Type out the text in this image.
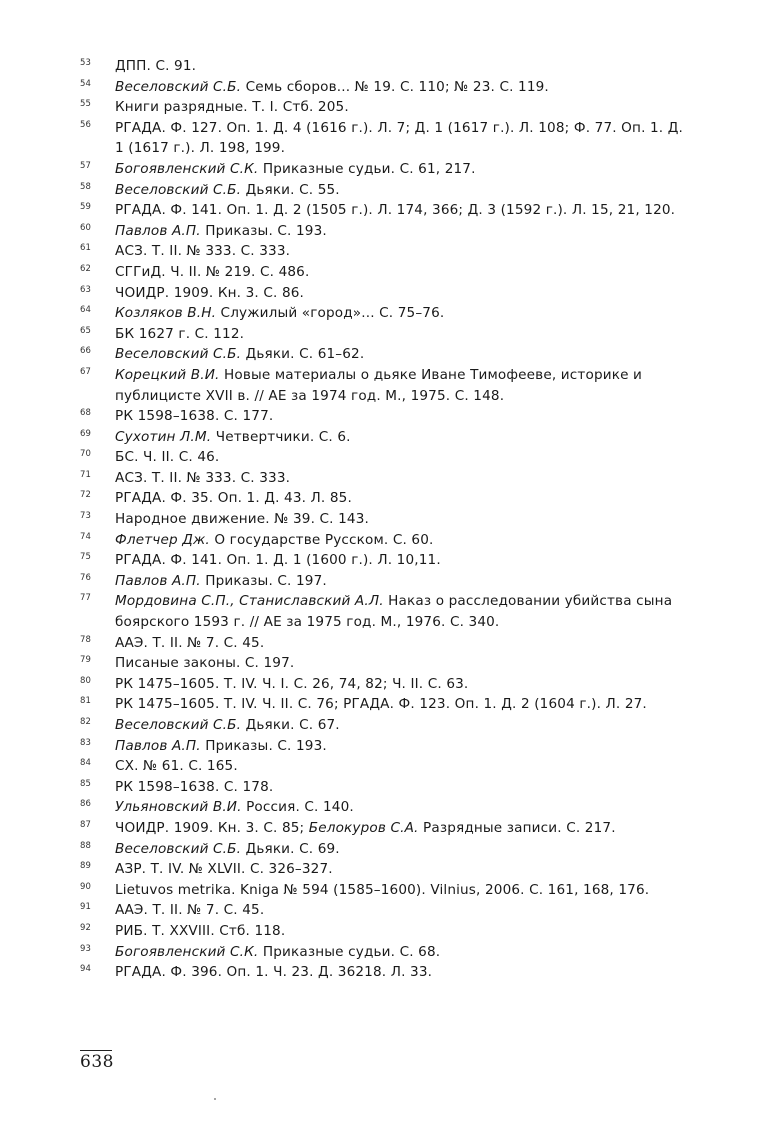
53 ДПП. С. 91.
54 Веселовский С.Б. Семь сборов... № 19. С. 110; № 23. С. 119.
55 Книги разрядные. Т. I. Стб. 205.
56 РГАДА. Ф. 127. Оп. 1. Д. 4 (1616 г.). Л. 7; Д. 1 (1617 г.). Л. 108; Ф. 77. Оп. 1. Д. 1 (1617 г.). Л. 198, 199.
57 Богоявленский С.К. Приказные судьи. С. 61, 217.
58 Веселовский С.Б. Дьяки. С. 55.
59 РГАДА. Ф. 141. Оп. 1. Д. 2 (1505 г.). Л. 174, 366; Д. 3 (1592 г.). Л. 15, 21, 120.
60 Павлов А.П. Приказы. С. 193.
61 АСЗ. Т. II. № 333. С. 333.
62 СГГиД. Ч. II. № 219. С. 486.
63 ЧОИДР. 1909. Кн. 3. С. 86.
64 Козляков В.Н. Служилый «город»... С. 75–76.
65 БК 1627 г. С. 112.
66 Веселовский С.Б. Дьяки. С. 61–62.
67 Корецкий В.И. Новые материалы о дьяке Иване Тимофееве, историке и публицисте XVII в. // АЕ за 1974 год. М., 1975. С. 148.
68 РК 1598–1638. С. 177.
69 Сухотин Л.М. Четвертчики. С. 6.
70 БС. Ч. II. С. 46.
71 АСЗ. Т. II. № 333. С. 333.
72 РГАДА. Ф. 35. Оп. 1. Д. 43. Л. 85.
73 Народное движение. № 39. С. 143.
74 Флетчер Дж. О государстве Русском. С. 60.
75 РГАДА. Ф. 141. Оп. 1. Д. 1 (1600 г.). Л. 10,11.
76 Павлов А.П. Приказы. С. 197.
77 Мордовина С.П., Станиславский А.Л. Наказ о расследовании убийства сына боярского 1593 г. // АЕ за 1975 год. М., 1976. С. 340.
78 ААЭ. Т. II. № 7. С. 45.
79 Писаные законы. С. 197.
80 РК 1475–1605. Т. IV. Ч. I. С. 26, 74, 82; Ч. II. С. 63.
81 РК 1475–1605. Т. IV. Ч. II. С. 76; РГАДА. Ф. 123. Оп. 1. Д. 2 (1604 г.). Л. 27.
82 Веселовский С.Б. Дьяки. С. 67.
83 Павлов А.П. Приказы. С. 193.
84 СХ. № 61. С. 165.
85 РК 1598–1638. С. 178.
86 Ульяновский В.И. Россия. С. 140.
87 ЧОИДР. 1909. Кн. 3. С. 85; Белокуров С.А. Разрядные записи. С. 217.
88 Веселовский С.Б. Дьяки. С. 69.
89 АЗР. Т. IV. № XLVII. С. 326–327.
90 Lietuvos metrika. Kniga № 594 (1585–1600). Vilnius, 2006. С. 161, 168, 176.
91 ААЭ. Т. II. № 7. С. 45.
92 РИБ. Т. XXVIII. Стб. 118.
93 Богоявленский С.К. Приказные судьи. С. 68.
94 РГАДА. Ф. 396. Оп. 1. Ч. 23. Д. 36218. Л. 33.
638
